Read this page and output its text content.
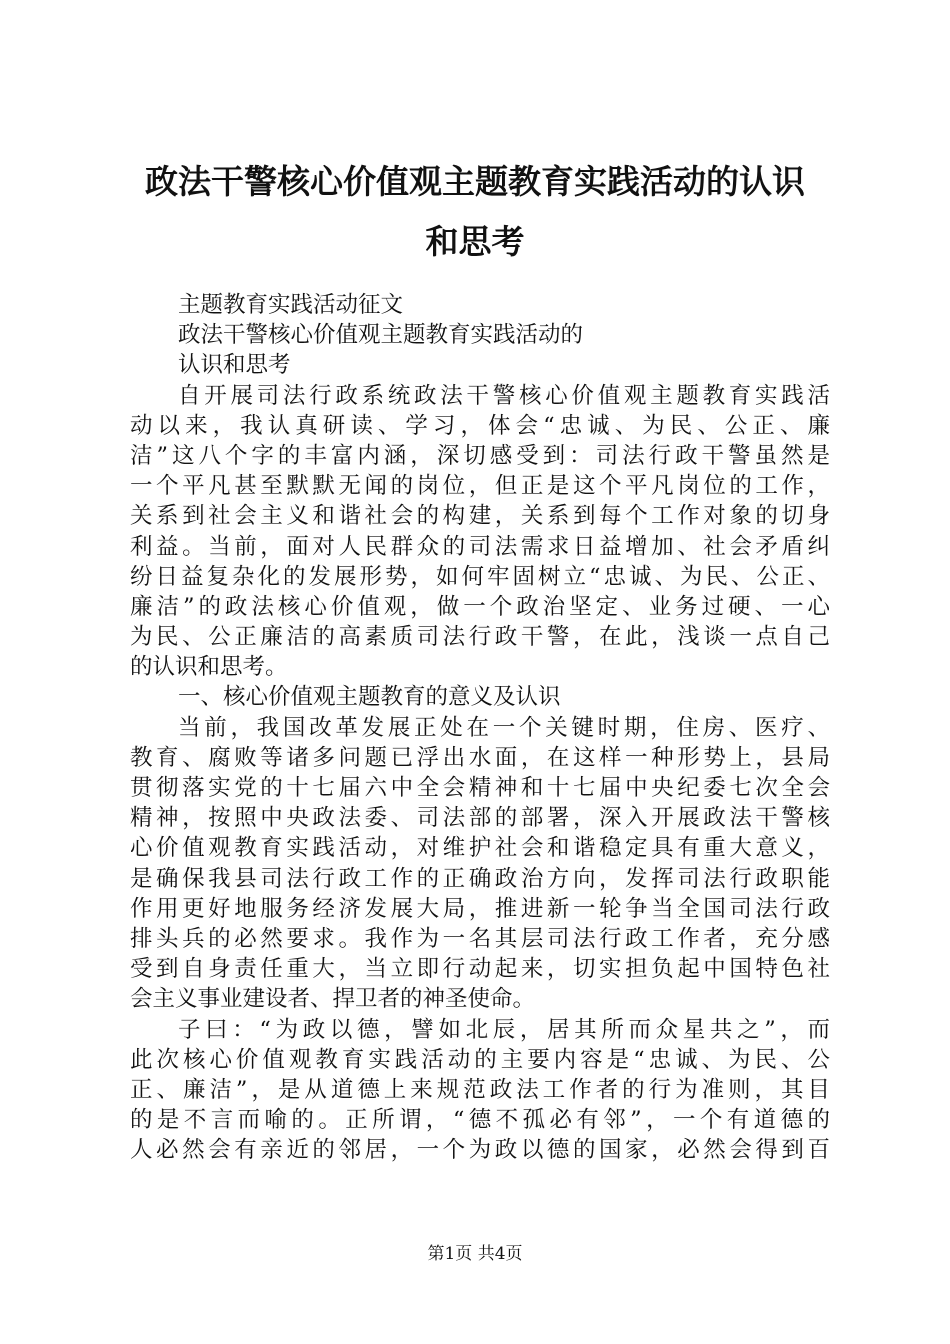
政法干警核心价值观主题教育实践活动的认识
和思考

主题教育实践活动征文

政法干警核心价值观主题教育实践活动的

认识和思考

自开展司法行政系统政法干警核心价值观主题教育实践活

动以来，我认真研读、学习，体会“忠诚、为民、公正、廉

洁”这八个字的丰富内涵，深切感受到：司法行政干警虽然是

一个平凡甚至默默无闻的岗位，但正是这个平凡岗位的工作，

关系到社会主义和谐社会的构建，关系到每个工作对象的切身

利益。当前，面对人民群众的司法需求日益增加、社会矛盾纠

纷日益复杂化的发展形势，如何牢固树立“忠诚、为民、公正、

廉洁”的政法核心价值观，做一个政治坚定、业务过硬、一心

为民、公正廉洁的高素质司法行政干警，在此，浅谈一点自己

的认识和思考。

一、核心价值观主题教育的意义及认识

当前，我国改革发展正处在一个关键时期，住房、医疗、

教育、腐败等诸多问题已浮出水面，在这样一种形势上，县局

贯彻落实党的十七届六中全会精神和十七届中央纪委七次全会

精神，按照中央政法委、司法部的部署，深入开展政法干警核

心价值观教育实践活动，对维护社会和谐稳定具有重大意义，

是确保我县司法行政工作的正确政治方向，发挥司法行政职能

作用更好地服务经济发展大局，推进新一轮争当全国司法行政

排头兵的必然要求。我作为一名其层司法行政工作者，充分感

受到自身责任重大，当立即行动起来，切实担负起中国特色社

会主义事业建设者、捍卫者的神圣使命。

子曰：“为政以德，譬如北辰，居其所而众星共之”，而

此次核心价值观教育实践活动的主要内容是“忠诚、为民、公

正、廉洁”，是从道德上来规范政法工作者的行为准则，其目

的是不言而喻的。正所谓，“德不孤必有邻”，一个有道德的

人必然会有亲近的邻居，一个为政以德的国家，必然会得到百

第1页 共4页
